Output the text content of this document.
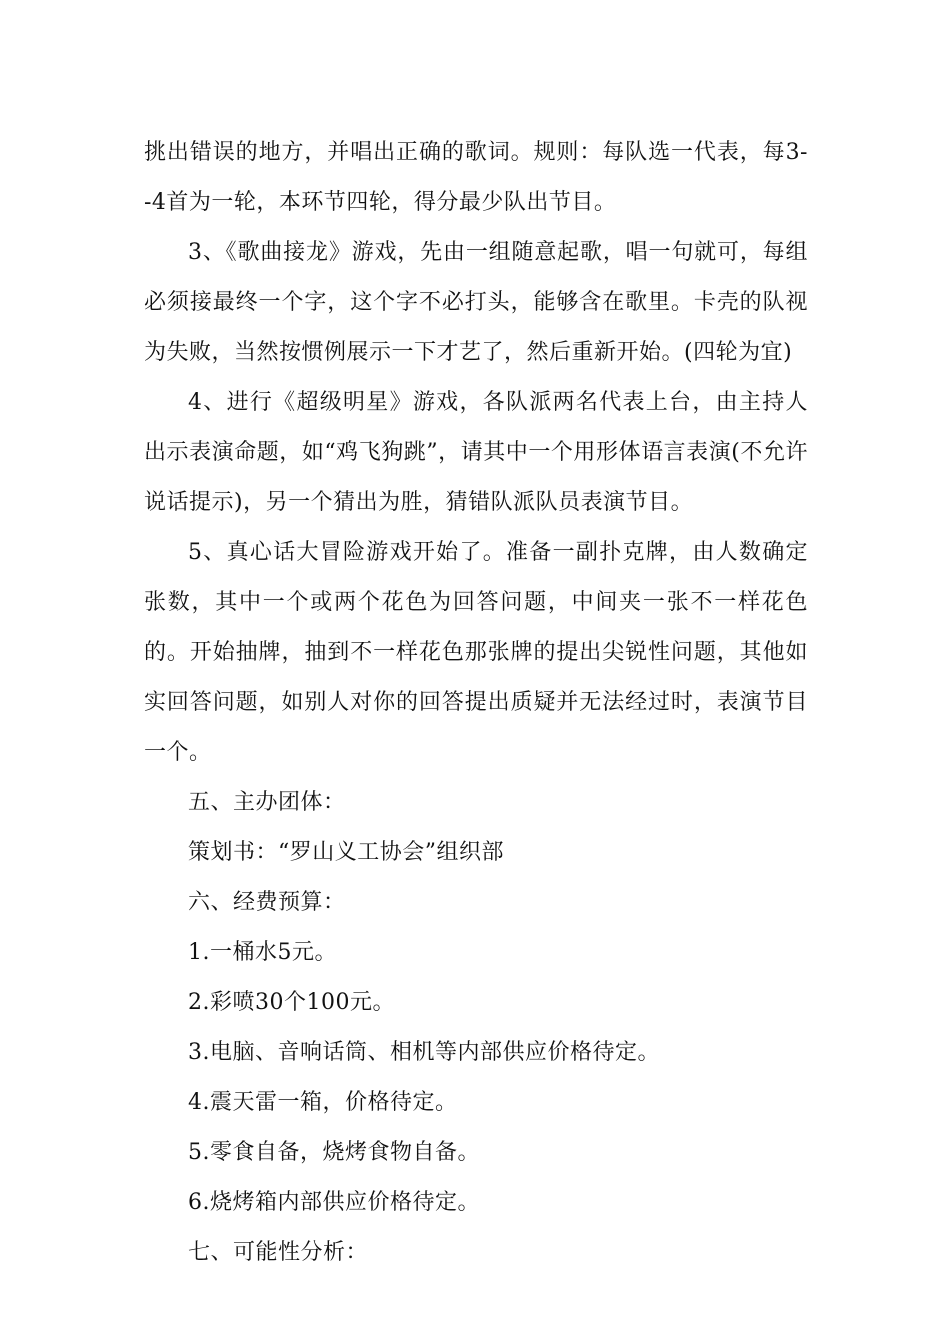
挑出错误的地方，并唱出正确的歌词。规则：每队选一代表，每3--4首为一轮，本环节四轮，得分最少队出节目。

3、《歌曲接龙》游戏，先由一组随意起歌，唱一句就可，每组必须接最终一个字，这个字不必打头，能够含在歌里。卡壳的队视为失败，当然按惯例展示一下才艺了，然后重新开始。(四轮为宜)

4、进行《超级明星》游戏，各队派两名代表上台，由主持人出示表演命题，如“鸡飞狗跳”，请其中一个用形体语言表演(不允许说话提示)，另一个猜出为胜，猜错队派队员表演节目。

5、真心话大冒险游戏开始了。准备一副扑克牌，由人数确定张数，其中一个或两个花色为回答问题，中间夹一张不一样花色的。开始抽牌，抽到不一样花色那张牌的提出尖锐性问题，其他如实回答问题，如别人对你的回答提出质疑并无法经过时，表演节目一个。

五、主办团体：

策划书：“罗山义工协会”组织部

六、经费预算：

1.一桶水5元。

2.彩喷30个100元。

3.电脑、音响话筒、相机等内部供应价格待定。

4.震天雷一箱，价格待定。

5.零食自备，烧烤食物自备。

6.烧烤箱内部供应价格待定。

七、可能性分析：
